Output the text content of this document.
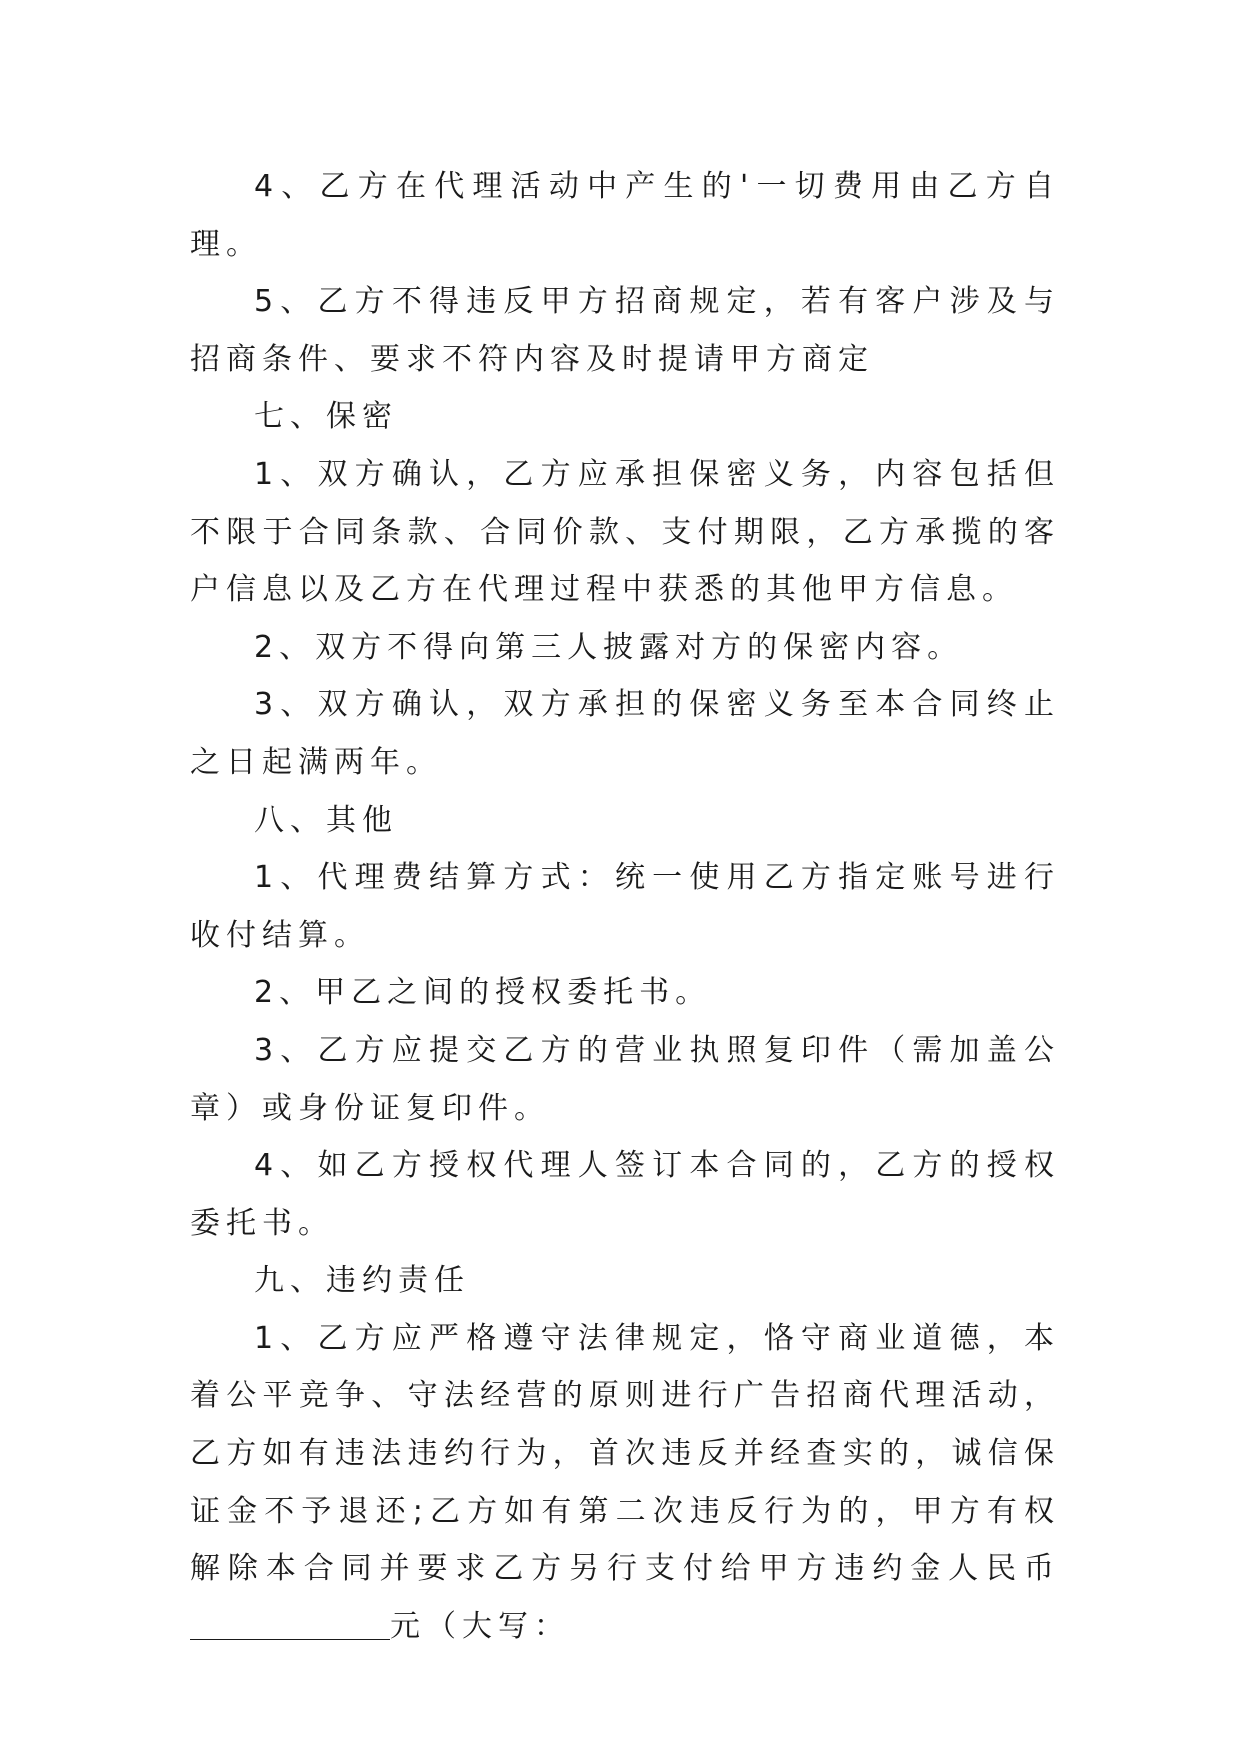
4、乙方在代理活动中产生的'一切费用由乙方自理。

5、乙方不得违反甲方招商规定，若有客户涉及与招商条件、要求不符内容及时提请甲方商定

七、保密

1、双方确认，乙方应承担保密义务，内容包括但不限于合同条款、合同价款、支付期限，乙方承揽的客户信息以及乙方在代理过程中获悉的其他甲方信息。

2、双方不得向第三人披露对方的保密内容。

3、双方确认，双方承担的保密义务至本合同终止之日起满两年。

八、其他

1、代理费结算方式：统一使用乙方指定账号进行收付结算。

2、甲乙之间的授权委托书。

3、乙方应提交乙方的营业执照复印件（需加盖公章）或身份证复印件。

4、如乙方授权代理人签订本合同的，乙方的授权委托书。

九、违约责任

1、乙方应严格遵守法律规定，恪守商业道德，本着公平竞争、守法经营的原则进行广告招商代理活动，乙方如有违法违约行为，首次违反并经查实的，诚信保证金不予退还;乙方如有第二次违反行为的，甲方有权解除本合同并要求乙方另行支付给甲方违约金人民币元（大写：
